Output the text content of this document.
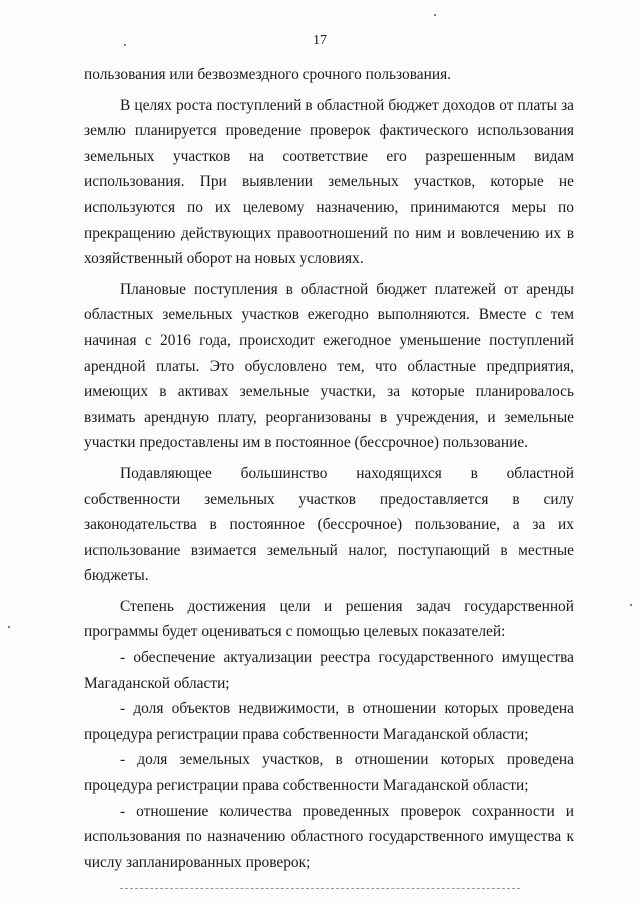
17

пользования или безвозмездного срочного пользования.

В целях роста поступлений в областной бюджет доходов от платы за землю планируется проведение проверок фактического использования земельных участков на соответствие его разрешенным видам использования. При выявлении земельных участков, которые не используются по их целевому назначению, принимаются меры по прекращению действующих правоотношений по ним и вовлечению их в хозяйственный оборот на новых условиях.

Плановые поступления в областной бюджет платежей от аренды областных земельных участков ежегодно выполняются. Вместе с тем начиная с 2016 года, происходит ежегодное уменьшение поступлений арендной платы. Это обусловлено тем, что областные предприятия, имеющих в активах земельные участки, за которые планировалось взимать арендную плату, реорганизованы в учреждения, и земельные участки предоставлены им в постоянное (бессрочное) пользование.

Подавляющее большинство находящихся в областной собственности земельных участков предоставляется в силу законодательства в постоянное (бессрочное) пользование, а за их использование взимается земельный налог, поступающий в местные бюджеты.

Степень достижения цели и решения задач государственной программы будет оцениваться с помощью целевых показателей:

- обеспечение актуализации реестра государственного имущества Магаданской области;

- доля объектов недвижимости, в отношении которых проведена процедура регистрации права собственности Магаданской области;

- доля земельных участков, в отношении которых проведена процедура регистрации права собственности Магаданской области;

- отношение количества проведенных проверок сохранности и использования по назначению областного государственного имущества к числу запланированных проверок;
